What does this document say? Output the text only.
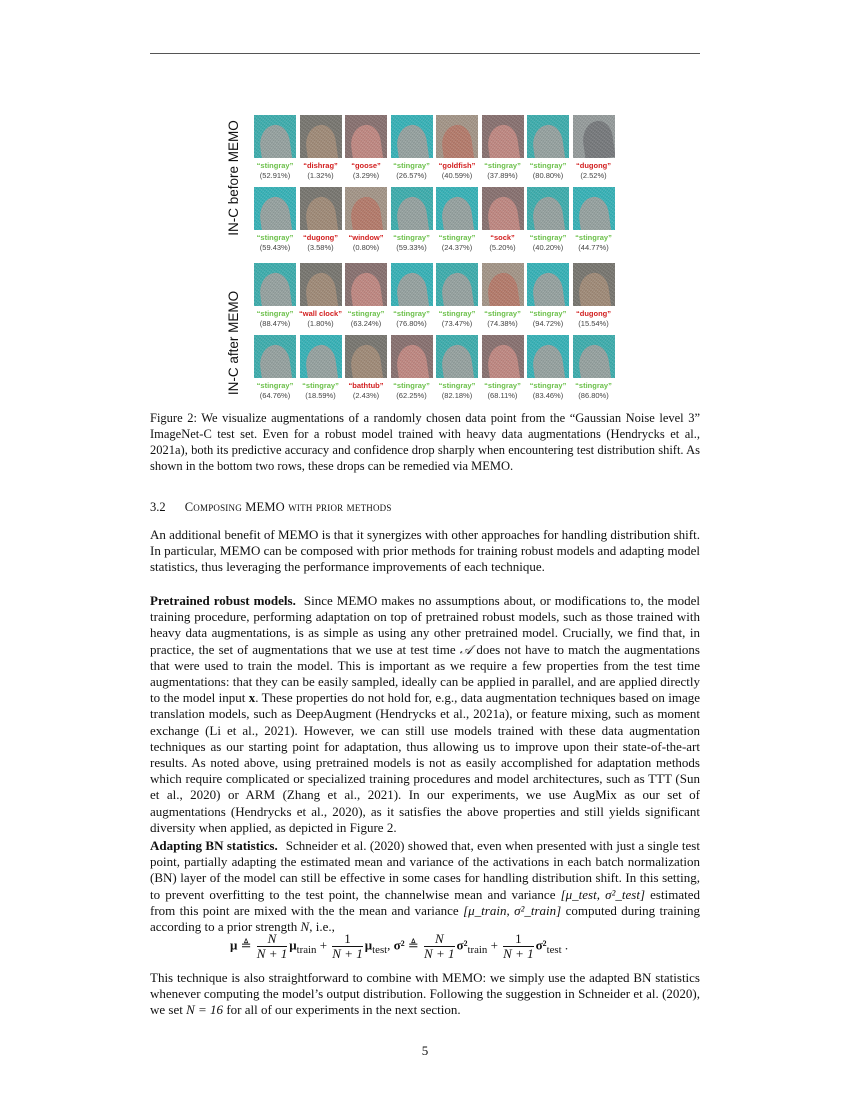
IN-C before MEMO
IN-C after MEMO
“stingray”
(52.91%)
“dishrag”
(1.32%)
“goose”
(3.29%)
“stingray”
(26.57%)
“goldfish”
(40.59%)
“stingray”
(37.89%)
“stingray”
(80.80%)
“dugong”
(2.52%)
“stingray”
(59.43%)
“dugong”
(3.58%)
“window”
(0.80%)
“stingray”
(59.33%)
“stingray”
(24.37%)
“sock”
(5.20%)
“stingray”
(40.20%)
“stingray”
(44.77%)
“stingray”
(88.47%)
“wall clock”
(1.80%)
“stingray”
(63.24%)
“stingray”
(76.80%)
“stingray”
(73.47%)
“stingray”
(74.38%)
“stingray”
(94.72%)
“dugong”
(15.54%)
“stingray”
(64.76%)
“stingray”
(18.59%)
“bathtub”
(2.43%)
“stingray”
(62.25%)
“stingray”
(82.18%)
“stingray”
(68.11%)
“stingray”
(83.46%)
“stingray”
(86.80%)
Figure 2: We visualize augmentations of a randomly chosen data point from the “Gaussian Noise level 3” ImageNet-C test set. Even for a robust model trained with heavy data augmentations (Hendrycks et al., 2021a), both its predictive accuracy and confidence drop sharply when encountering test distribution shift. As shown in the bottom two rows, these drops can be remedied via MEMO.
3.2 Composing MEMO with prior methods
An additional benefit of MEMO is that it synergizes with other approaches for handling distribution shift. In particular, MEMO can be composed with prior methods for training robust models and adapting model statistics, thus leveraging the performance improvements of each technique.
Pretrained robust models. Since MEMO makes no assumptions about, or modifications to, the model training procedure, performing adaptation on top of pretrained robust models, such as those trained with heavy data augmentations, is as simple as using any other pretrained model. Crucially, we find that, in practice, the set of augmentations that we use at test time 𝒜 does not have to match the augmentations that were used to train the model. This is important as we require a few properties from the test time augmentations: that they can be easily sampled, ideally can be applied in parallel, and are applied directly to the model input x. These properties do not hold for, e.g., data augmentation techniques based on image translation models, such as DeepAugment (Hendrycks et al., 2021a), or feature mixing, such as moment exchange (Li et al., 2021). However, we can still use models trained with these data augmentation techniques as our starting point for adaptation, thus allowing us to improve upon their state-of-the-art results. As noted above, using pretrained models is not as easily accomplished for adaptation methods which require complicated or specialized training procedures and model architectures, such as TTT (Sun et al., 2020) or ARM (Zhang et al., 2021). In our experiments, we use AugMix as our set of augmentations (Hendrycks et al., 2020), as it satisfies the above properties and still yields significant diversity when applied, as depicted in Figure 2.
Adapting BN statistics. Schneider et al. (2020) showed that, even when presented with just a single test point, partially adapting the estimated mean and variance of the activations in each batch normalization (BN) layer of the model can still be effective in some cases for handling distribution shift. In this setting, to prevent overfitting to the test point, the channelwise mean and variance [μ_test, σ²_test] estimated from this point are mixed with the the mean and variance [μ_train, σ²_train] computed during training according to a prior strength N, i.e.,
μ ≜ $\frac{N}{N + 1} \mu_{train} + \frac{1}{N + 1} \mu_{test}$, σ² ≜ $\frac{N}{N + 1} \sigma^2_{train} + \frac{1}{N + 1} \sigma^2_{test}$ .
This technique is also straightforward to combine with MEMO: we simply use the adapted BN statistics whenever computing the model’s output distribution. Following the suggestion in Schneider et al. (2020), we set N = 16 for all of our experiments in the next section.
5
